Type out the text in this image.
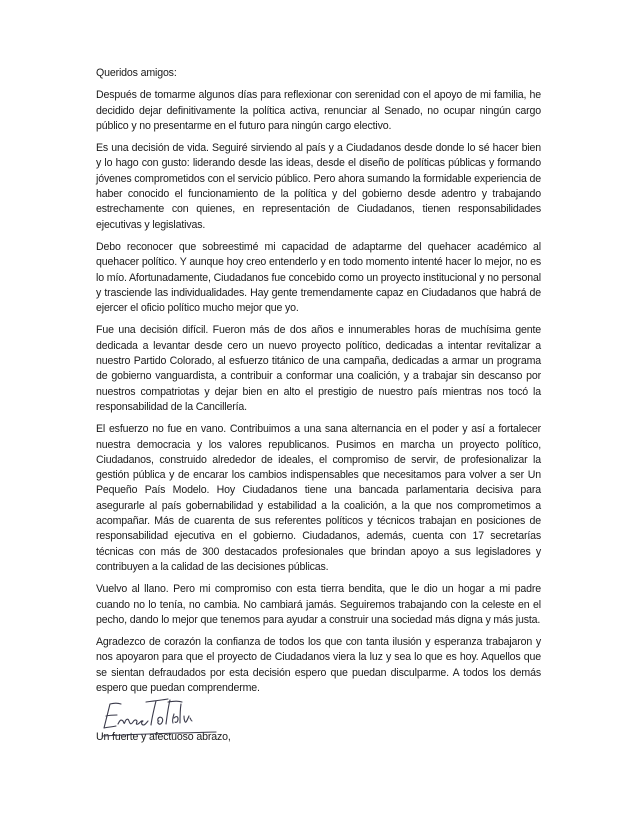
Queridos amigos:

Después de tomarme algunos días para reflexionar con serenidad con el apoyo de mi familia, he decidido dejar definitivamente la política activa, renunciar al Senado, no ocupar ningún cargo público y no presentarme en el futuro para ningún cargo electivo.

Es una decisión de vida. Seguiré sirviendo al país y a Ciudadanos desde donde lo sé hacer bien y lo hago con gusto: liderando desde las ideas, desde el diseño de políticas públicas y formando jóvenes comprometidos con el servicio público. Pero ahora sumando la formidable experiencia de haber conocido el funcionamiento de la política y del gobierno desde adentro y trabajando estrechamente con quienes, en representación de Ciudadanos, tienen responsabilidades ejecutivas y legislativas.

Debo reconocer que sobreestimé mi capacidad de adaptarme del quehacer académico al quehacer político. Y aunque hoy creo entenderlo y en todo momento intenté hacer lo mejor, no es lo mío. Afortunadamente, Ciudadanos fue concebido como un proyecto institucional y no personal y trasciende las individualidades. Hay gente tremendamente capaz en Ciudadanos que habrá de ejercer el oficio político mucho mejor que yo.

Fue una decisión difícil. Fueron más de dos años e innumerables horas de muchísima gente dedicada a levantar desde cero un nuevo proyecto político, dedicadas a intentar revitalizar a nuestro Partido Colorado, al esfuerzo titánico de una campaña, dedicadas a armar un programa de gobierno vanguardista, a contribuir a conformar una coalición, y a trabajar sin descanso por nuestros compatriotas y dejar bien en alto el prestigio de nuestro país mientras nos tocó la responsabilidad de la Cancillería.

El esfuerzo no fue en vano. Contribuimos a una sana alternancia en el poder y así a fortalecer nuestra democracia y los valores republicanos. Pusimos en marcha un proyecto político, Ciudadanos, construido alrededor de ideales, el compromiso de servir, de profesionalizar la gestión pública y de encarar los cambios indispensables que necesitamos para volver a ser Un Pequeño País Modelo. Hoy Ciudadanos tiene una bancada parlamentaria decisiva para asegurarle al país gobernabilidad y estabilidad a la coalición, a la que nos comprometimos a acompañar. Más de cuarenta de sus referentes políticos y técnicos trabajan en posiciones de responsabilidad ejecutiva en el gobierno. Ciudadanos, además, cuenta con 17 secretarías técnicas con más de 300 destacados profesionales que brindan apoyo a sus legisladores y contribuyen a la calidad de las decisiones públicas.

Vuelvo al llano. Pero mi compromiso con esta tierra bendita, que le dio un hogar a mi padre cuando no lo tenía, no cambia. No cambiará jamás. Seguiremos trabajando con la celeste en el pecho, dando lo mejor que tenemos para ayudar a construir una sociedad más digna y más justa.

Agradezco de corazón la confianza de todos los que con tanta ilusión y esperanza trabajaron y nos apoyaron para que el proyecto de Ciudadanos viera la luz y sea lo que es hoy. Aquellos que se sientan defraudados por esta decisión espero que puedan disculparme. A todos los demás espero que puedan comprenderme.

Un fuerte y afectuoso abrazo,
